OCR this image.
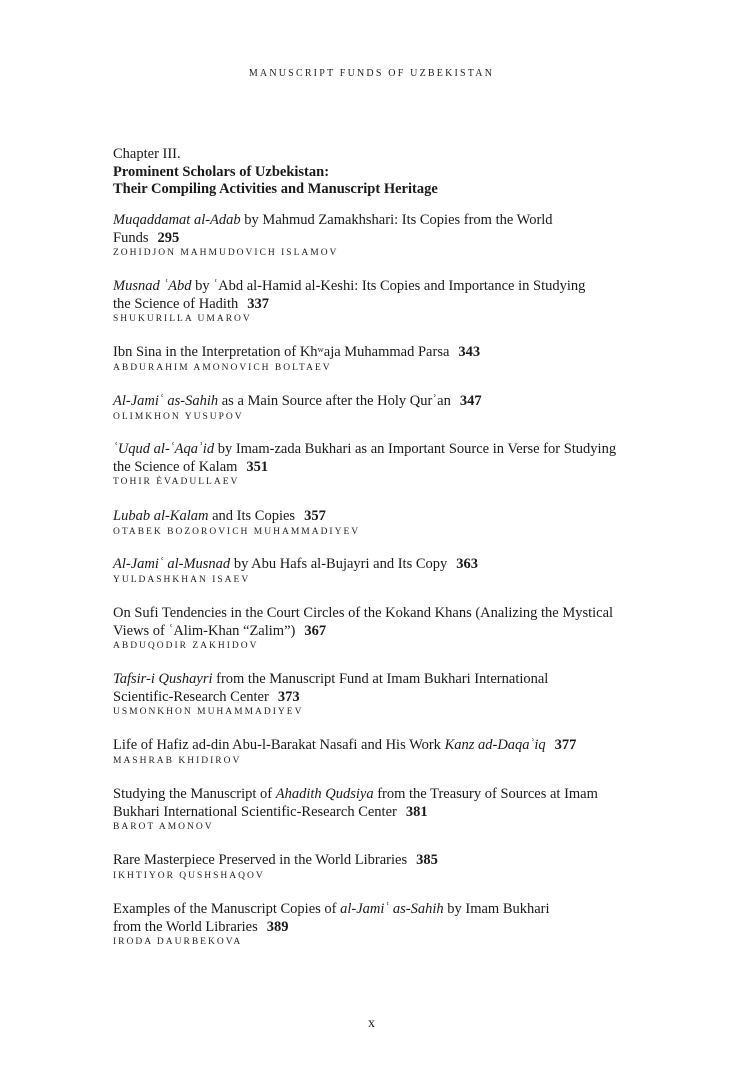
MANUSCRIPT FUNDS OF UZBEKISTAN
Chapter III.
Prominent Scholars of Uzbekistan:
Their Compiling Activities and Manuscript Heritage
Muqaddamat al-Adab by Mahmud Zamakhshari: Its Copies from the World
Funds 295
ZOHIDJON MAHMUDOVICH ISLAMOV
Musnad ʿAbd by ʿAbd al-Hamid al-Keshi: Its Copies and Importance in Studying
the Science of Hadith 337
SHUKURILLA UMAROV
Ibn Sina in the Interpretation of Khʷaja Muhammad Parsa 343
ABDURAHIM AMONOVICH BOLTAEV
Al-Jamiʿ as-Sahih as a Main Source after the Holy Qurʾan 347
OLIMKHON YUSUPOV
ʿUqud al-ʿAqaʾid by Imam-zada Bukhari as an Important Source in Verse for Studying
the Science of Kalam 351
TOHIR ÈVADULLAEV
Lubab al-Kalam and Its Copies 357
OTABEK BOZOROVICH MUHAMMADIYEV
Al-Jamiʿ al-Musnad by Abu Hafs al-Bujayri and Its Copy 363
YULDASHKHAN ISAEV
On Sufi Tendencies in the Court Circles of the Kokand Khans (Analizing the Mystical
Views of ʿAlim-Khan “Zalim”) 367
ABDUQODIR ZAKHIDOV
Tafsir-i Qushayri from the Manuscript Fund at Imam Bukhari International
Scientific-Research Center 373
USMONKHON MUHAMMADIYEV
Life of Hafiz ad-din Abu-l-Barakat Nasafi and His Work Kanz ad-Daqaʾiq 377
MASHRAB KHIDIROV
Studying the Manuscript of Ahadith Qudsiya from the Treasury of Sources at Imam
Bukhari International Scientific-Research Center 381
BAROT AMONOV
Rare Masterpiece Preserved in the World Libraries 385
IKHTIYOR QUSHSHAQOV
Examples of the Manuscript Copies of al-Jamiʿ as-Sahih by Imam Bukhari
from the World Libraries 389
IRODA DAURBEKOVA
x
